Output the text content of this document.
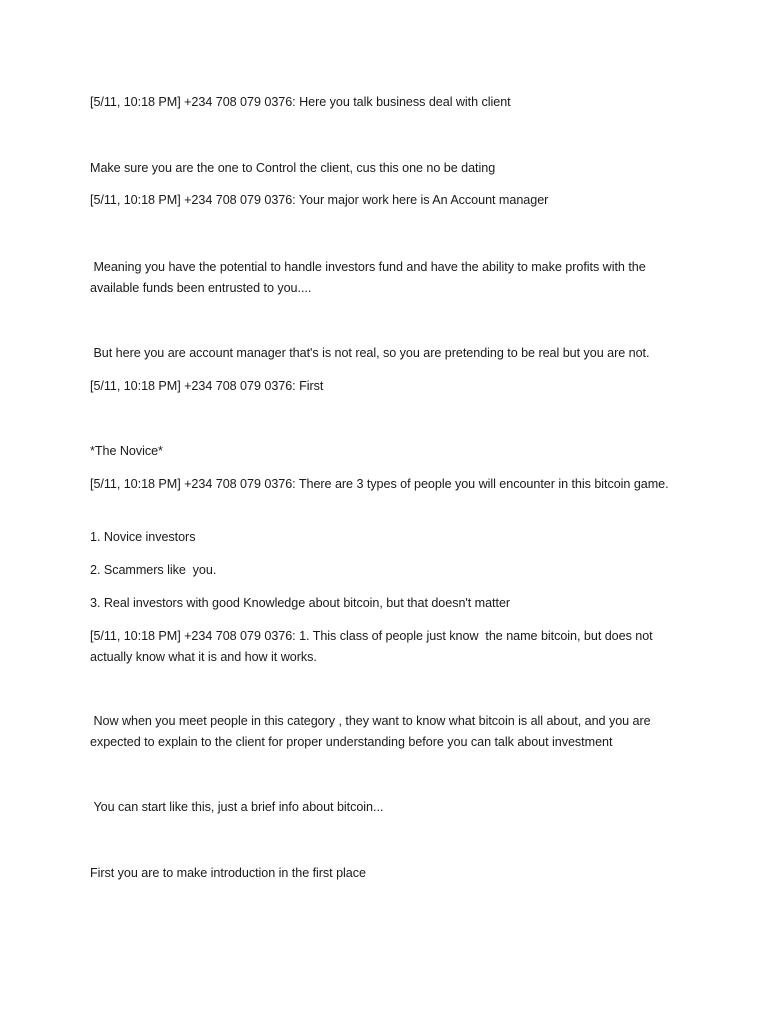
[5/11, 10:18 PM] +234 708 079 0376: Here you talk business deal with client

Make sure you are the one to Control the client, cus this one no be dating

[5/11, 10:18 PM] +234 708 079 0376: Your major work here is An Account manager

Meaning you have the potential to handle investors fund and have the ability to make profits with the available funds been entrusted to you....

But here you are account manager that's is not real, so you are pretending to be real but you are not.

[5/11, 10:18 PM] +234 708 079 0376: First

*The Novice*

[5/11, 10:18 PM] +234 708 079 0376: There are 3 types of people you will encounter in this bitcoin game.

1. Novice investors

2. Scammers like  you.

3. Real investors with good Knowledge about bitcoin, but that doesn't matter

[5/11, 10:18 PM] +234 708 079 0376: 1. This class of people just know  the name bitcoin, but does not actually know what it is and how it works.

Now when you meet people in this category , they want to know what bitcoin is all about, and you are expected to explain to the client for proper understanding before you can talk about investment

You can start like this, just a brief info about bitcoin...

First you are to make introduction in the first place
